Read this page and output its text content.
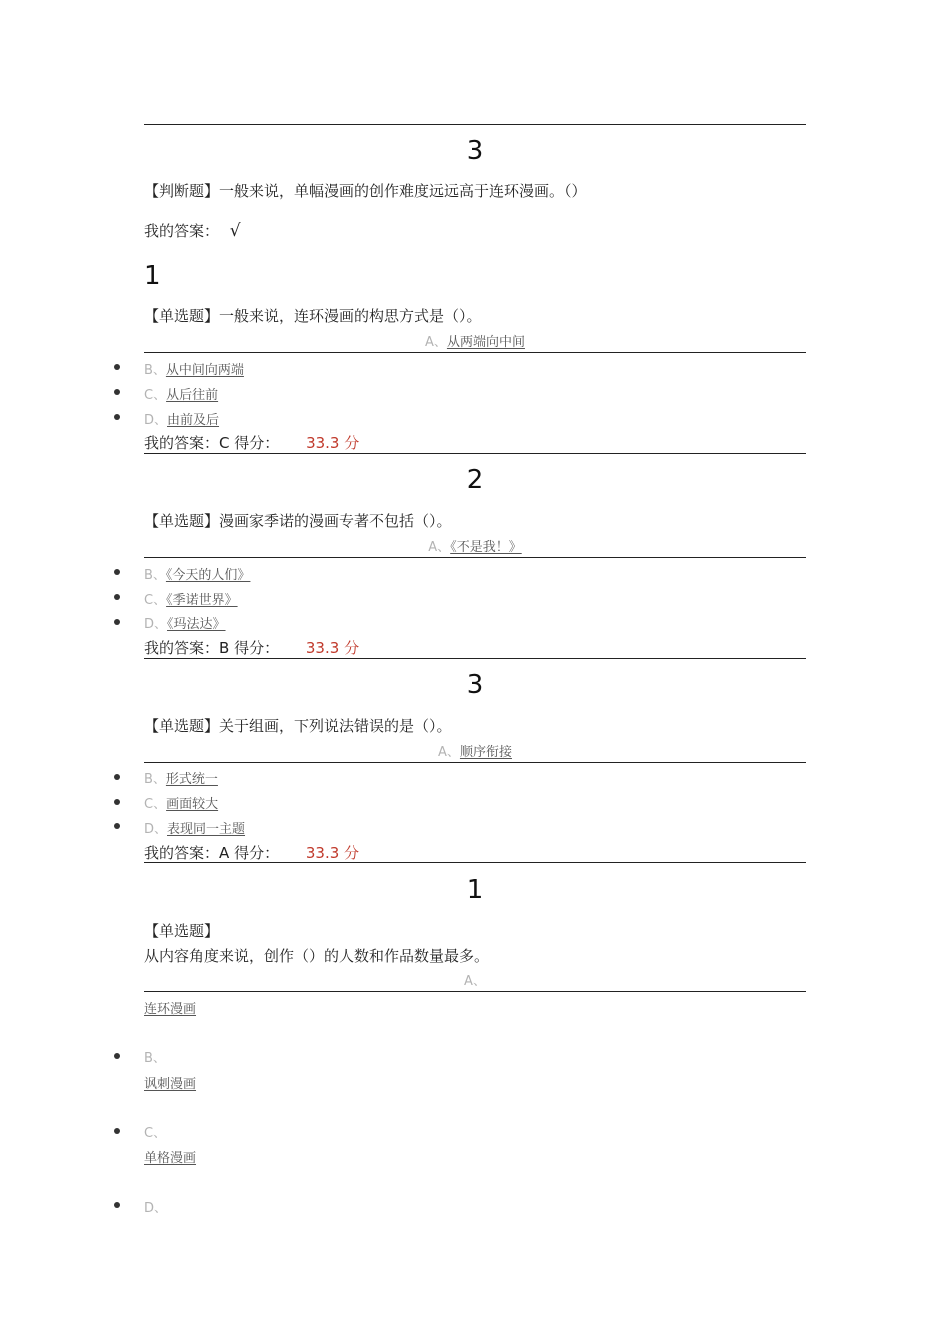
3
【判断题】一般来说，单幅漫画的创作难度远远高于连环漫画。（）
我的答案： √
1
【单选题】一般来说，连环漫画的构思方式是（）。
A、从两端向中间
B、从中间向两端
C、从后往前
D、由前及后
我的答案：C 得分： 33.3 分
2
【单选题】漫画家季诺的漫画专著不包括（）。
A、《不是我！》
B、《今天的人们》
C、《季诺世界》
D、《玛法达》
我的答案：B 得分： 33.3 分
3
【单选题】关于组画，下列说法错误的是（）。
A、顺序衔接
B、形式统一
C、画面较大
D、表现同一主题
我的答案：A 得分： 33.3 分
1
【单选题】
从内容角度来说，创作（）的人数和作品数量最多。
A、
连环漫画
B、
讽刺漫画
C、
单格漫画
D、
